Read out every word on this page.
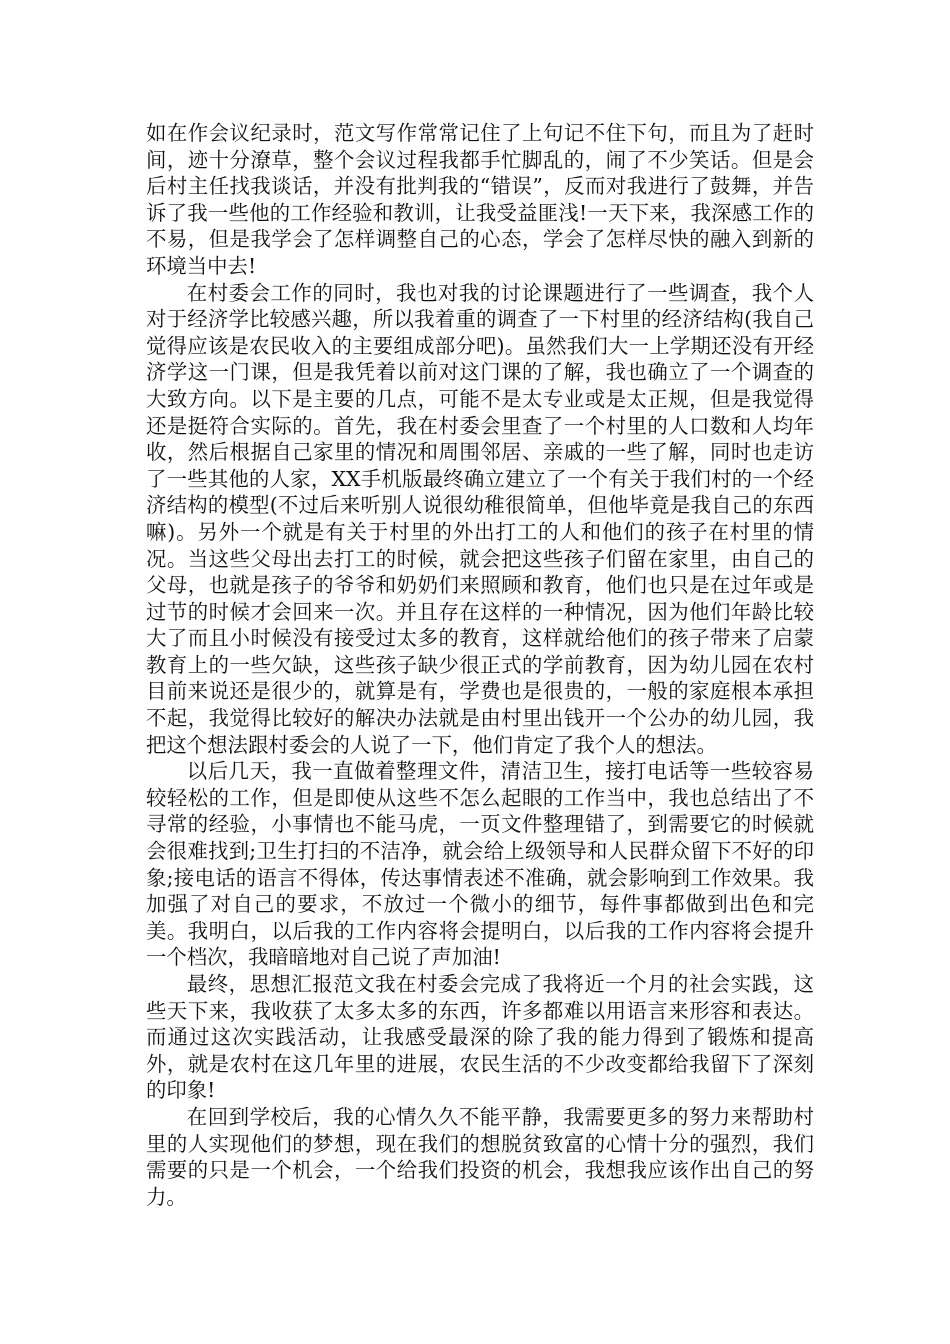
如在作会议纪录时，范文写作常常记住了上句记不住下句，而且为了赶时间，迹十分潦草，整个会议过程我都手忙脚乱的，闹了不少笑话。但是会后村主任找我谈话，并没有批判我的“错误”，反而对我进行了鼓舞，并告诉了我一些他的工作经验和教训，让我受益匪浅!一天下来，我深感工作的不易，但是我学会了怎样调整自己的心态，学会了怎样尽快的融入到新的环境当中去!

在村委会工作的同时，我也对我的讨论课题进行了一些调查，我个人对于经济学比较感兴趣，所以我着重的调查了一下村里的经济结构(我自己觉得应该是农民收入的主要组成部分吧)。虽然我们大一上学期还没有开经济学这一门课，但是我凭着以前对这门课的了解，我也确立了一个调查的大致方向。以下是主要的几点，可能不是太专业或是太正规，但是我觉得还是挺符合实际的。首先，我在村委会里查了一个村里的人口数和人均年收，然后根据自己家里的情况和周围邻居、亲戚的一些了解，同时也走访了一些其他的人家，XX手机版最终确立建立了一个有关于我们村的一个经济结构的模型(不过后来听别人说很幼稚很简单，但他毕竟是我自己的东西嘛)。另外一个就是有关于村里的外出打工的人和他们的孩子在村里的情况。当这些父母出去打工的时候，就会把这些孩子们留在家里，由自己的父母，也就是孩子的爷爷和奶奶们来照顾和教育，他们也只是在过年或是过节的时候才会回来一次。并且存在这样的一种情况，因为他们年龄比较大了而且小时候没有接受过太多的教育，这样就给他们的孩子带来了启蒙教育上的一些欠缺，这些孩子缺少很正式的学前教育，因为幼儿园在农村目前来说还是很少的，就算是有，学费也是很贵的，一般的家庭根本承担不起，我觉得比较好的解决办法就是由村里出钱开一个公办的幼儿园，我把这个想法跟村委会的人说了一下，他们肯定了我个人的想法。

以后几天，我一直做着整理文件，清洁卫生，接打电话等一些较容易较轻松的工作，但是即使从这些不怎么起眼的工作当中，我也总结出了不寻常的经验，小事情也不能马虎，一页文件整理错了，到需要它的时候就会很难找到;卫生打扫的不洁净，就会给上级领导和人民群众留下不好的印象;接电话的语言不得体，传达事情表述不准确，就会影响到工作效果。我加强了对自己的要求，不放过一个微小的细节，每件事都做到出色和完美。我明白，以后我的工作内容将会提明白，以后我的工作内容将会提升一个档次，我暗暗地对自己说了声加油!

最终，思想汇报范文我在村委会完成了我将近一个月的社会实践，这些天下来，我收获了太多太多的东西，许多都难以用语言来形容和表达。而通过这次实践活动，让我感受最深的除了我的能力得到了锻炼和提高外，就是农村在这几年里的进展，农民生活的不少改变都给我留下了深刻的印象!

在回到学校后，我的心情久久不能平静，我需要更多的努力来帮助村里的人实现他们的梦想，现在我们的想脱贫致富的心情十分的强烈，我们需要的只是一个机会，一个给我们投资的机会，我想我应该作出自己的努力。
